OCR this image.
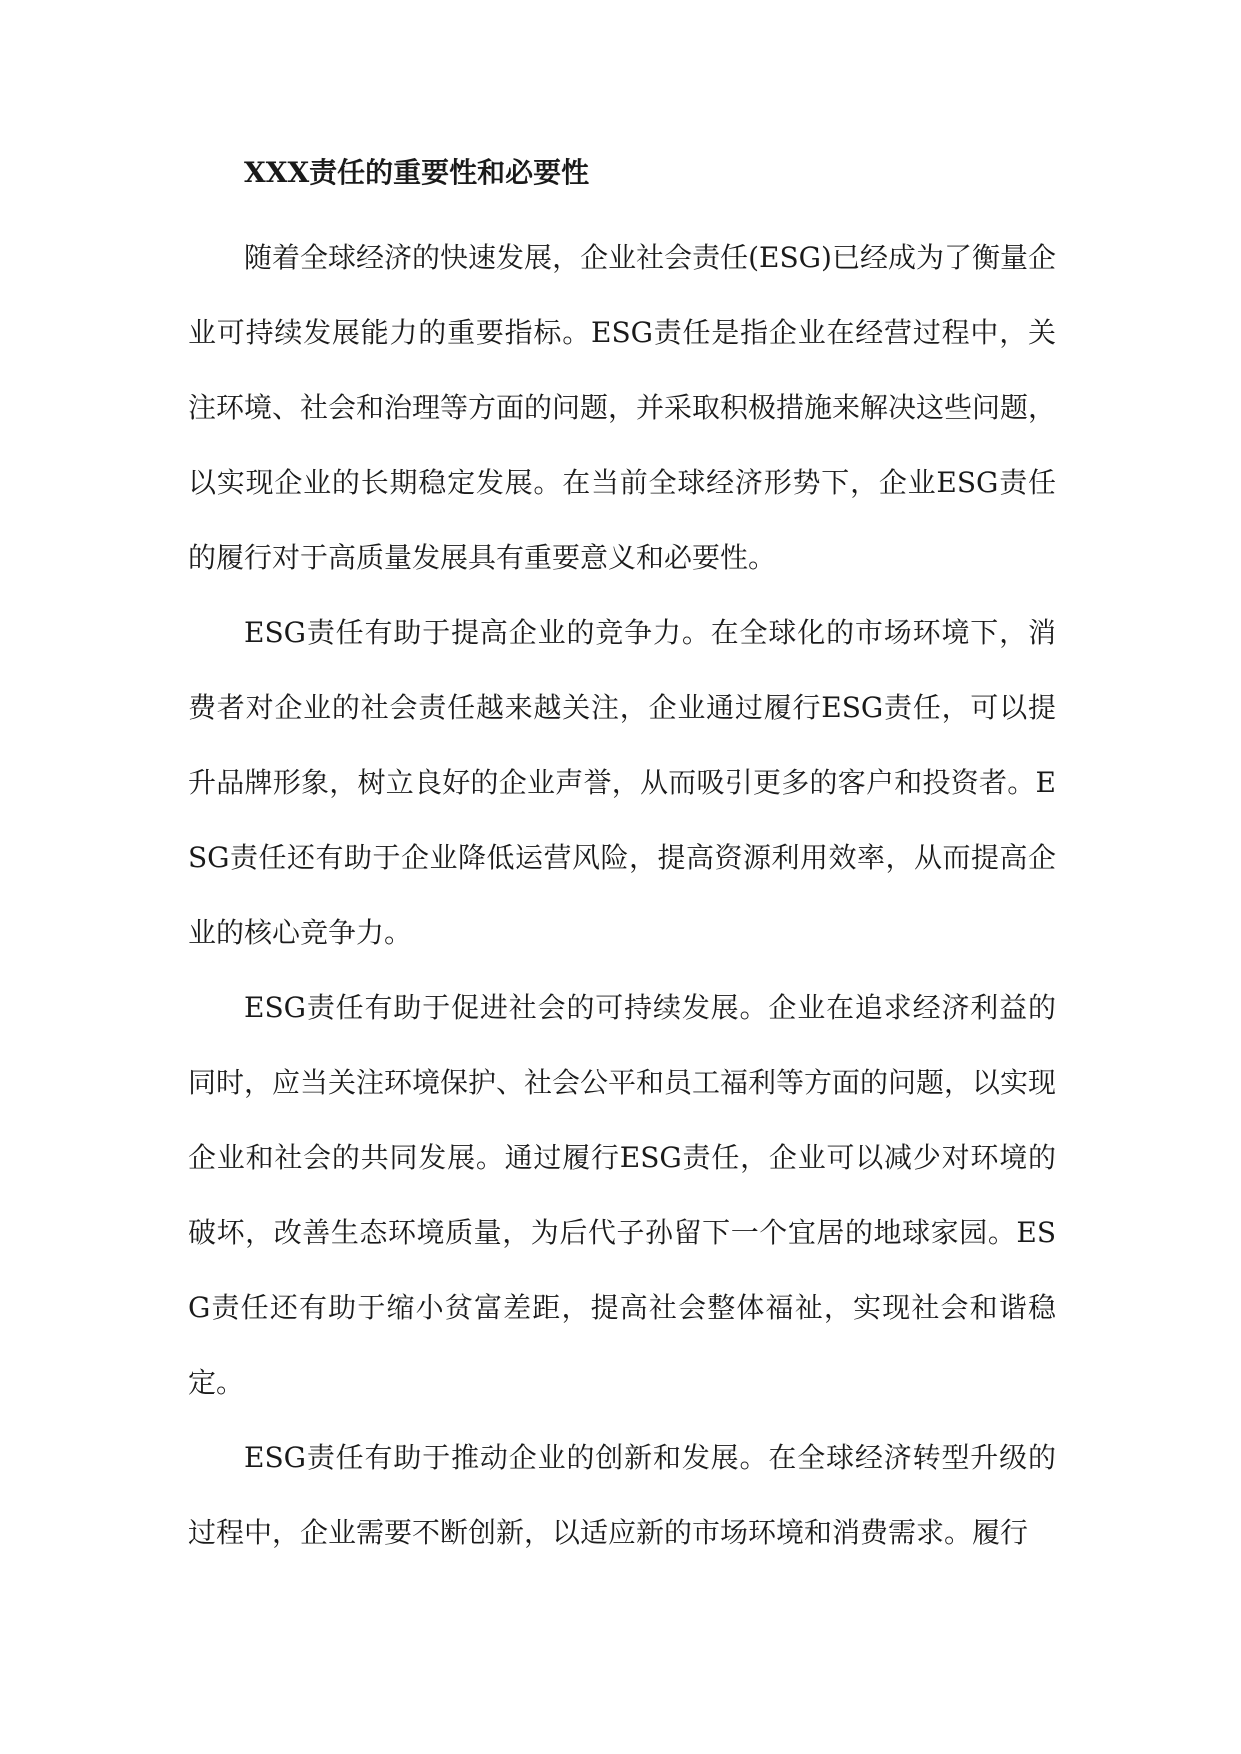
XXX责任的重要性和必要性

随着全球经济的快速发展，企业社会责任(ESG)已经成为了衡量企业可持续发展能力的重要指标。ESG责任是指企业在经营过程中，关注环境、社会和治理等方面的问题，并采取积极措施来解决这些问题，以实现企业的长期稳定发展。在当前全球经济形势下，企业ESG责任的履行对于高质量发展具有重要意义和必要性。

ESG责任有助于提高企业的竞争力。在全球化的市场环境下，消费者对企业的社会责任越来越关注，企业通过履行ESG责任，可以提升品牌形象，树立良好的企业声誉，从而吸引更多的客户和投资者。ESG责任还有助于企业降低运营风险，提高资源利用效率，从而提高企业的核心竞争力。

ESG责任有助于促进社会的可持续发展。企业在追求经济利益的同时，应当关注环境保护、社会公平和员工福利等方面的问题，以实现企业和社会的共同发展。通过履行ESG责任，企业可以减少对环境的破坏，改善生态环境质量，为后代子孙留下一个宜居的地球家园。ESG责任还有助于缩小贫富差距，提高社会整体福祉，实现社会和谐稳定。

ESG责任有助于推动企业的创新和发展。在全球经济转型升级的过程中，企业需要不断创新，以适应新的市场环境和消费需求。履行
